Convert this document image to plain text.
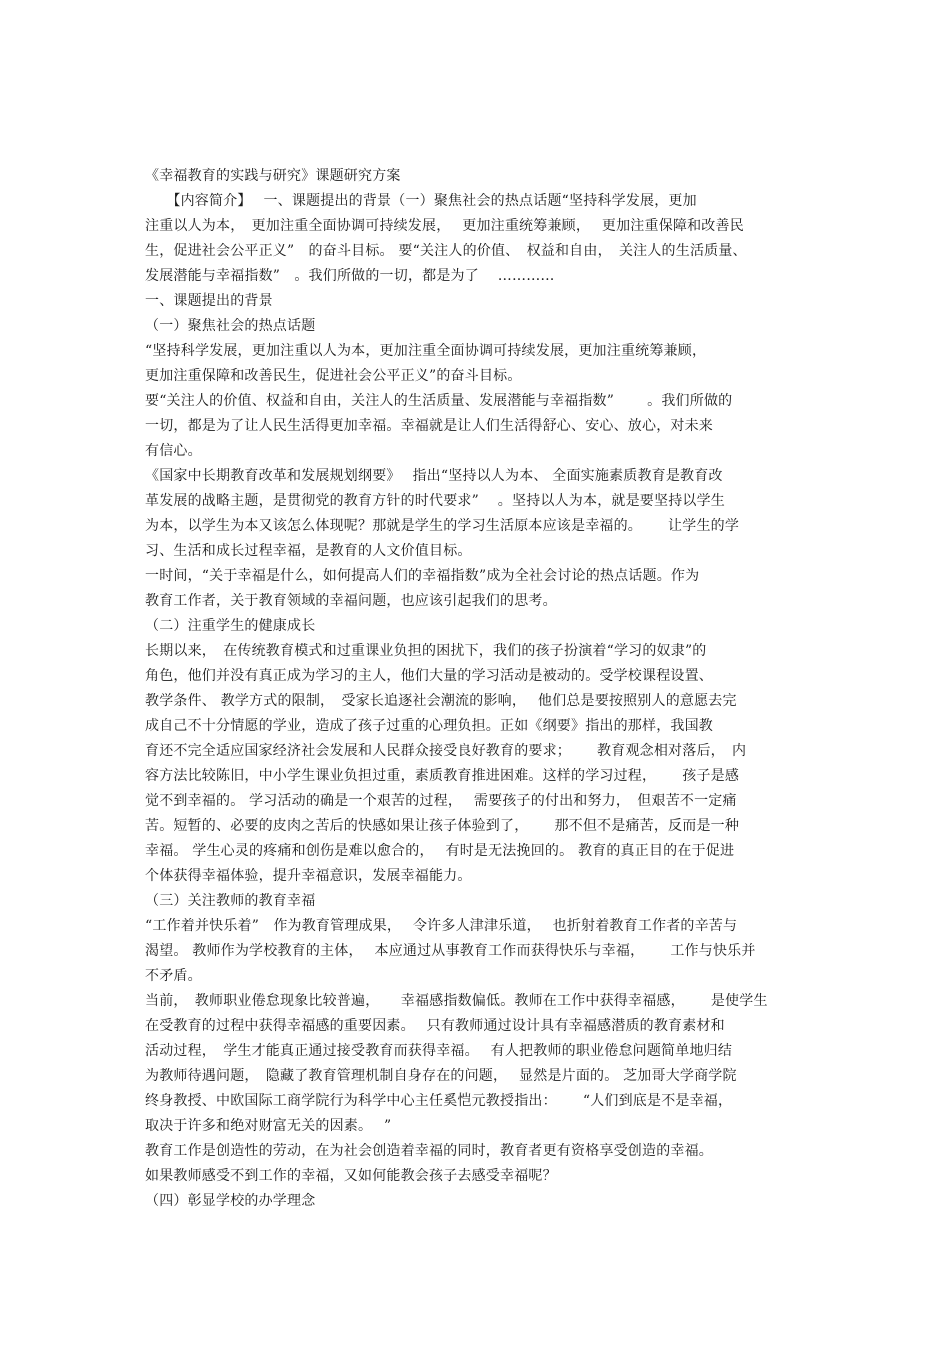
《幸福教育的实践与研究》课题研究方案
　　【内容简介】　 一、课题提出的背景（一）聚焦社会的热点话题“坚持科学发展，更加
注重以人为本，　更加注重全面协调可持续发展，　 更加注重统筹兼顾，　 更加注重保障和改善民
生，促进社会公平正义”　的奋斗目标。 要“关注人的价值、　权益和自由，　关注人的生活质量、
发展潜能与幸福指数”　。我们所做的一切，都是为了　 …………
一、课题提出的背景
（一）聚焦社会的热点话题
“坚持科学发展，更加注重以人为本，更加注重全面协调可持续发展，更加注重统筹兼顾，
更加注重保障和改善民生，促进社会公平正义”的奋斗目标。
要“关注人的价值、权益和自由，关注人的生活质量、发展潜能与幸福指数”　　 。我们所做的
一切，都是为了让人民生活得更加幸福。幸福就是让人们生活得舒心、安心、放心，对未来
有信心。
《国家中长期教育改革和发展规划纲要》　 指出“坚持以人为本、 全面实施素质教育是教育改
革发展的战略主题，是贯彻党的教育方针的时代要求”　 。坚持以人为本，就是要坚持以学生
为本，以学生为本又该怎么体现呢？那就是学生的学习生活原本应该是幸福的。　　 让学生的学
习、生活和成长过程幸福，是教育的人文价值目标。
一时间，“关于幸福是什么，如何提高人们的幸福指数”成为全社会讨论的热点话题。作为
教育工作者，关于教育领域的幸福问题，也应该引起我们的思考。
（二）注重学生的健康成长
长期以来，　在传统教育模式和过重课业负担的困扰下，我们的孩子扮演着“学习的奴隶”的
角色，他们并没有真正成为学习的主人，他们大量的学习活动是被动的。受学校课程设置、
教学条件、 教学方式的限制，　受家长追逐社会潮流的影响，　 他们总是要按照别人的意愿去完
成自己不十分情愿的学业，造成了孩子过重的心理负担。正如《纲要》指出的那样，我国教
育还不完全适应国家经济社会发展和人民群众接受良好教育的要求；　　 教育观念相对落后，　内
容方法比较陈旧，中小学生课业负担过重，素质教育推进困难。这样的学习过程，　　 孩子是感
觉不到幸福的。 学习活动的确是一个艰苦的过程，　 需要孩子的付出和努力，　但艰苦不一定痛
苦。短暂的、必要的皮肉之苦后的快感如果让孩子体验到了，　　 那不但不是痛苦，反而是一种
幸福。 学生心灵的疼痛和创伤是难以愈合的，　 有时是无法挽回的。 教育的真正目的在于促进
个体获得幸福体验，提升幸福意识，发展幸福能力。
（三）关注教师的教育幸福
“工作着并快乐着”　作为教育管理成果，　 令许多人津津乐道，　 也折射着教育工作者的辛苦与
渴望。 教师作为学校教育的主体，　 本应通过从事教育工作而获得快乐与幸福，　　 工作与快乐并
不矛盾。
当前，　教师职业倦怠现象比较普遍，　　幸福感指数偏低。教师在工作中获得幸福感，　　 是使学生
在受教育的过程中获得幸福感的重要因素。　 只有教师通过设计具有幸福感潜质的教育素材和
活动过程，　学生才能真正通过接受教育而获得幸福。　 有人把教师的职业倦怠问题简单地归结
为教师待遇问题，　隐藏了教育管理机制自身存在的问题，　 显然是片面的。 芝加哥大学商学院
终身教授、中欧国际工商学院行为科学中心主任奚恺元教授指出：　　 “人们到底是不是幸福，
取决于许多和绝对财富无关的因素。　 ”
教育工作是创造性的劳动，在为社会创造着幸福的同时，教育者更有资格享受创造的幸福。
如果教师感受不到工作的幸福，又如何能教会孩子去感受幸福呢？
（四）彰显学校的办学理念
